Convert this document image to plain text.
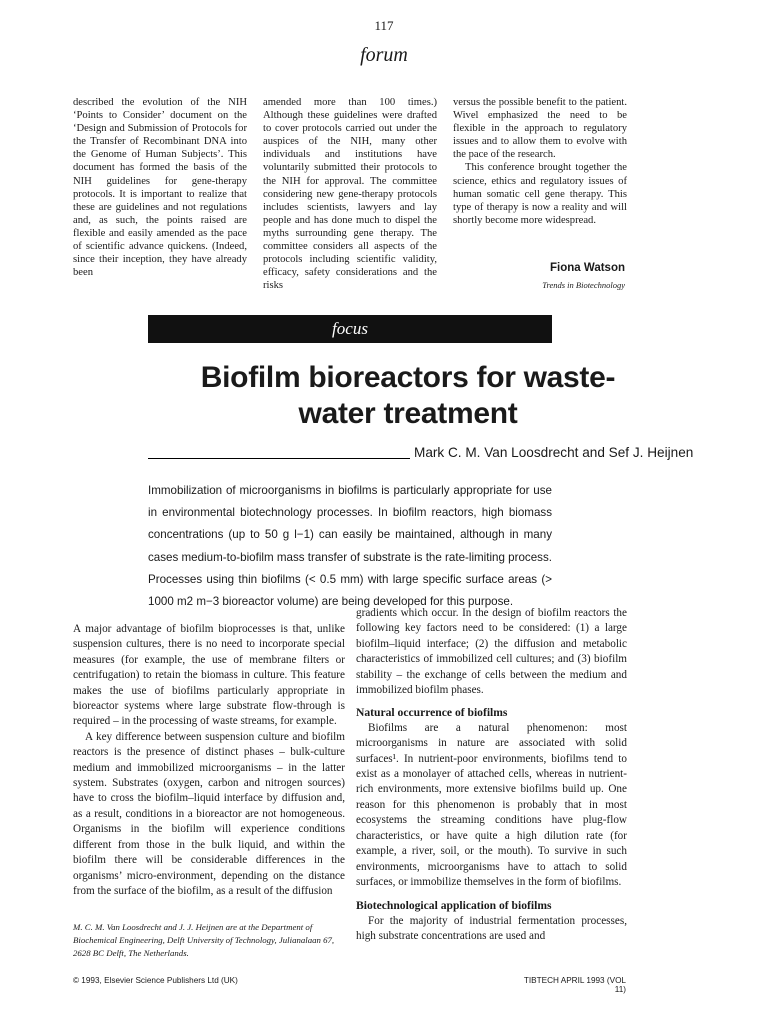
117
forum

described the evolution of the NIH ‘Points to Consider’ document on the ‘Design and Submission of Protocols for the Transfer of Recombinant DNA into the Genome of Human Subjects’. This document has formed the basis of the NIH guidelines for gene-therapy protocols. It is important to realize that these are guidelines and not regulations and, as such, the points raised are flexible and easily amended as the pace of scientific advance quickens. (Indeed, since their inception, they have already been

amended more than 100 times.) Although these guidelines were drafted to cover protocols carried out under the auspices of the NIH, many other individuals and institutions have voluntarily submitted their protocols to the NIH for approval. The committee considering new gene-therapy protocols includes scientists, lawyers and lay people and has done much to dispel the myths surrounding gene therapy. The committee considers all aspects of the protocols including scientific validity, efficacy, safety considerations and the risks

versus the possible benefit to the patient. Wivel emphasized the need to be flexible in the approach to regulatory issues and to allow them to evolve with the pace of the research.

This conference brought together the science, ethics and regulatory issues of human somatic cell gene therapy. This type of therapy is now a reality and will shortly become more widespread.

Fiona Watson
Trends in Biotechnology
focus
Biofilm bioreactors for waste-
water treatment
Mark C. M. Van Loosdrecht and Sef J. Heijnen
Immobilization of microorganisms in biofilms is particularly appropriate for use in environmental biotechnology processes. In biofilm reactors, high biomass concentrations (up to 50 g l−1) can easily be maintained, although in many cases medium-to-biofilm mass transfer of substrate is the rate-limiting process. Processes using thin biofilms (< 0.5 mm) with large specific surface areas (> 1000 m2 m−3 bioreactor volume) are being developed for this purpose.

A major advantage of biofilm bioprocesses is that, unlike suspension cultures, there is no need to incorporate special measures (for example, the use of membrane filters or centrifugation) to retain the biomass in culture. This feature makes the use of biofilms particularly appropriate in bioreactor systems where large substrate flow-through is required – in the processing of waste streams, for example.

A key difference between suspension culture and biofilm reactors is the presence of distinct phases – bulk-culture medium and immobilized microorganisms – in the latter system. Substrates (oxygen, carbon and nitrogen sources) have to cross the biofilm–liquid interface by diffusion and, as a result, conditions in a bioreactor are not homogeneous. Organisms in the biofilm will experience conditions different from those in the bulk liquid, and within the biofilm there will be considerable differences in the organisms’ micro-environment, depending on the distance from the surface of the biofilm, as a result of the diffusion

gradients which occur. In the design of biofilm reactors the following key factors need to be considered: (1) a large biofilm–liquid interface; (2) the diffusion and metabolic characteristics of immobilized cell cultures; and (3) biofilm stability – the exchange of cells between the medium and immobilized biofilm phases.

Natural occurrence of biofilms

Biofilms are a natural phenomenon: most microorganisms in nature are associated with solid surfaces¹. In nutrient-poor environments, biofilms tend to exist as a monolayer of attached cells, whereas in nutrient-rich environments, more extensive biofilms build up. One reason for this phenomenon is probably that in most ecosystems the streaming conditions have plug-flow characteristics, or have quite a high dilution rate (for example, a river, soil, or the mouth). To survive in such environments, microorganisms have to attach to solid surfaces, or immobilize themselves in the form of biofilms.

Biotechnological application of biofilms

For the majority of industrial fermentation processes, high substrate concentrations are used and

M. C. M. Van Loosdrecht and J. J. Heijnen are at the Department of Biochemical Engineering, Delft University of Technology, Julianalaan 67, 2628 BC Delft, The Netherlands.
© 1993, Elsevier Science Publishers Ltd (UK)	TIBTECH APRIL 1993 (VOL 11)
